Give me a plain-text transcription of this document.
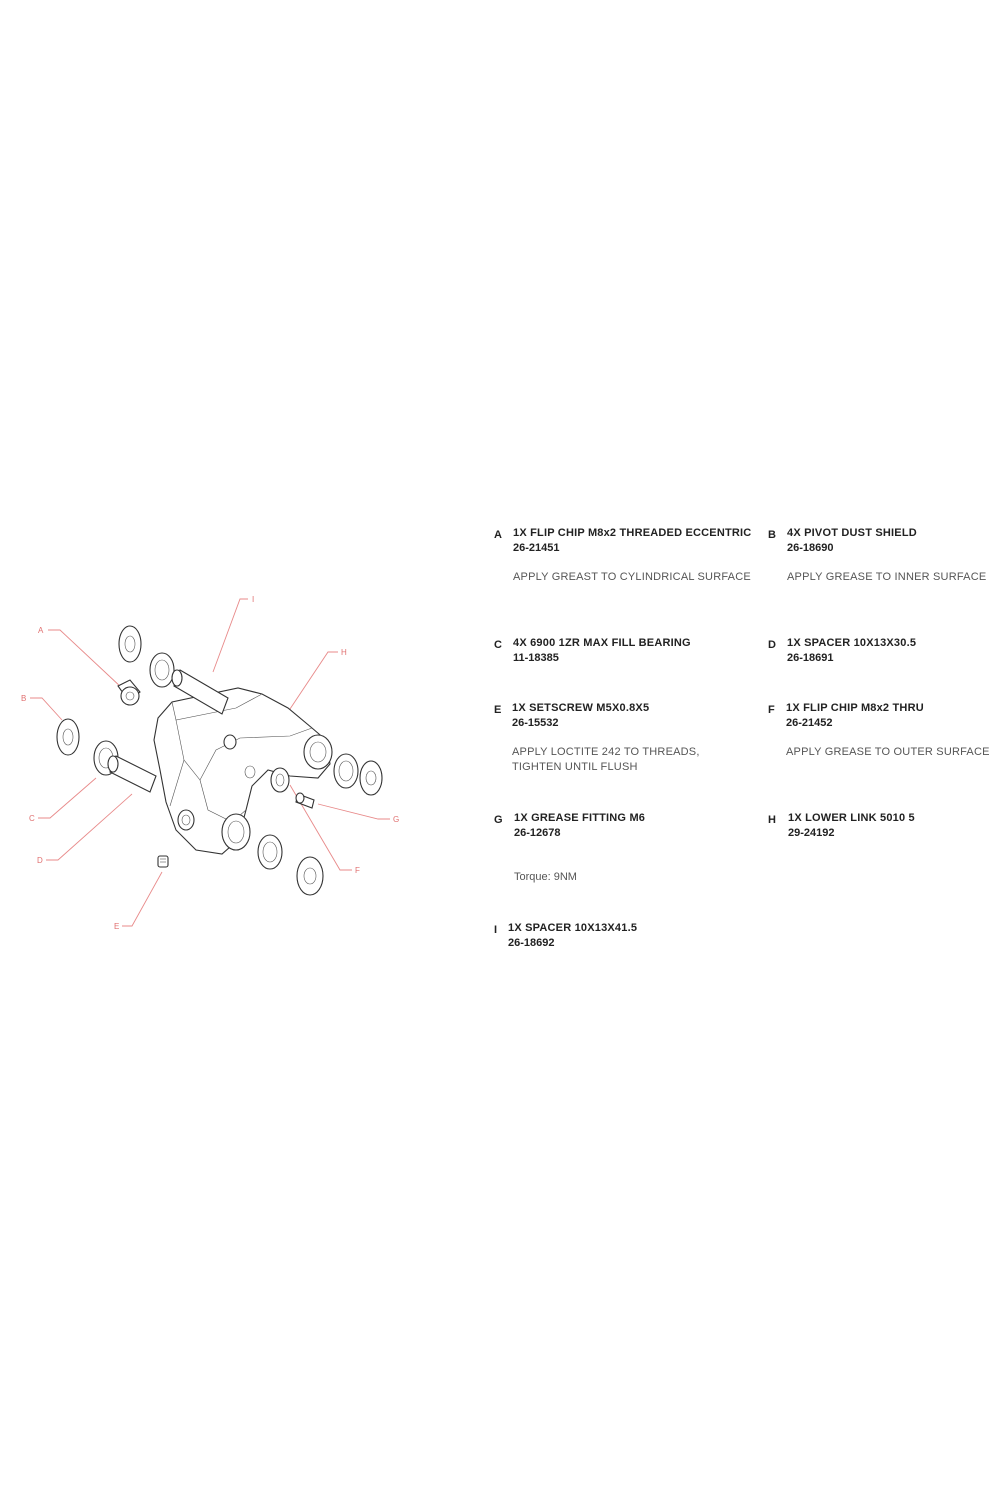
I
A
H
B
C	G
D
F
E
A 1X FLIP CHIP M8x2 THREADED ECCENTRIC
26-21451
APPLY GREAST TO CYLINDRICAL SURFACE
B 4X PIVOT DUST SHIELD
26-18690
APPLY GREASE TO INNER SURFACE
C 4X 6900 1ZR MAX FILL BEARING
11-18385
D 1X SPACER 10X13X30.5
26-18691
E 1X SETSCREW M5X0.8X5
26-15532
APPLY LOCTITE 242 TO THREADS, TIGHTEN UNTIL FLUSH
F 1X FLIP CHIP M8x2 THRU
26-21452
APPLY GREASE TO OUTER SURFACE
G 1X GREASE FITTING M6
26-12678
Torque: 9NM
H 1X LOWER LINK 5010 5
29-24192
I 1X SPACER 10X13X41.5
26-18692
